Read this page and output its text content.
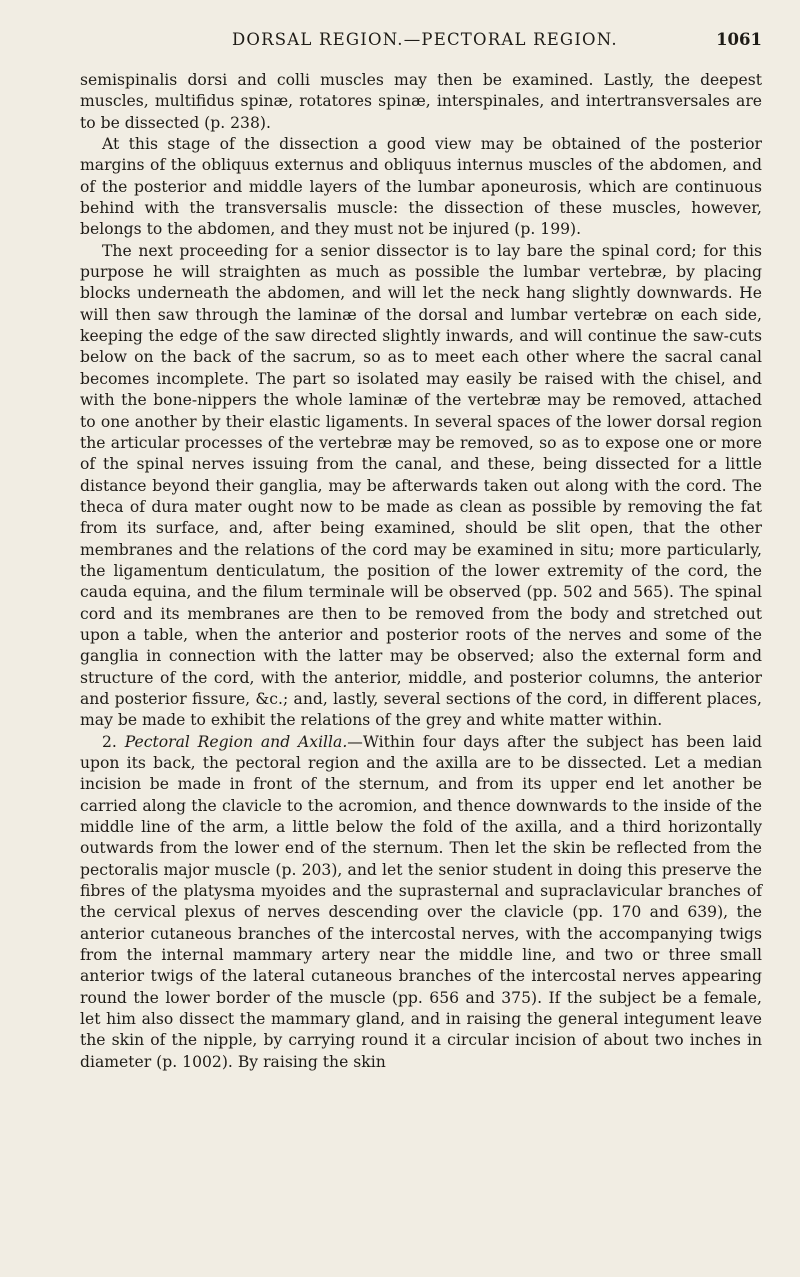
DORSAL REGION.—PECTORAL REGION.	1061

semispinalis dorsi and colli muscles may then be examined. Lastly, the deepest muscles, multifidus spinæ, rotatores spinæ, interspinales, and intertransversales are to be dissected (p. 238).

At this stage of the dissection a good view may be obtained of the posterior margins of the obliquus externus and obliquus internus muscles of the abdomen, and of the posterior and middle layers of the lumbar aponeurosis, which are continuous behind with the transversalis muscle: the dissection of these muscles, however, belongs to the abdomen, and they must not be injured (p. 199).

The next proceeding for a senior dissector is to lay bare the spinal cord; for this purpose he will straighten as much as possible the lumbar vertebræ, by placing blocks underneath the abdomen, and will let the neck hang slightly downwards. He will then saw through the laminæ of the dorsal and lumbar vertebræ on each side, keeping the edge of the saw directed slightly inwards, and will continue the saw-cuts below on the back of the sacrum, so as to meet each other where the sacral canal becomes incomplete. The part so isolated may easily be raised with the chisel, and with the bone-nippers the whole laminæ of the vertebræ may be removed, attached to one another by their elastic ligaments. In several spaces of the lower dorsal region the articular processes of the vertebræ may be removed, so as to expose one or more of the spinal nerves issuing from the canal, and these, being dissected for a little distance beyond their ganglia, may be afterwards taken out along with the cord. The theca of dura mater ought now to be made as clean as possible by removing the fat from its surface, and, after being examined, should be slit open, that the other membranes and the relations of the cord may be examined in situ; more particularly, the ligamentum denticulatum, the position of the lower extremity of the cord, the cauda equina, and the filum terminale will be observed (pp. 502 and 565). The spinal cord and its membranes are then to be removed from the body and stretched out upon a table, when the anterior and posterior roots of the nerves and some of the ganglia in connection with the latter may be observed; also the external form and structure of the cord, with the anterior, middle, and posterior columns, the anterior and posterior fissure, &c.; and, lastly, several sections of the cord, in different places, may be made to exhibit the relations of the grey and white matter within.

2. Pectoral Region and Axilla.—Within four days after the subject has been laid upon its back, the pectoral region and the axilla are to be dissected. Let a median incision be made in front of the sternum, and from its upper end let another be carried along the clavicle to the acromion, and thence downwards to the inside of the middle line of the arm, a little below the fold of the axilla, and a third horizontally outwards from the lower end of the sternum. Then let the skin be reflected from the pectoralis major muscle (p. 203), and let the senior student in doing this preserve the fibres of the platysma myoides and the suprasternal and supraclavicular branches of the cervical plexus of nerves descending over the clavicle (pp. 170 and 639), the anterior cutaneous branches of the intercostal nerves, with the accompanying twigs from the internal mammary artery near the middle line, and two or three small anterior twigs of the lateral cutaneous branches of the intercostal nerves appearing round the lower border of the muscle (pp. 656 and 375). If the subject be a female, let him also dissect the mammary gland, and in raising the general integument leave the skin of the nipple, by carrying round it a circular incision of about two inches in diameter (p. 1002). By raising the skin
